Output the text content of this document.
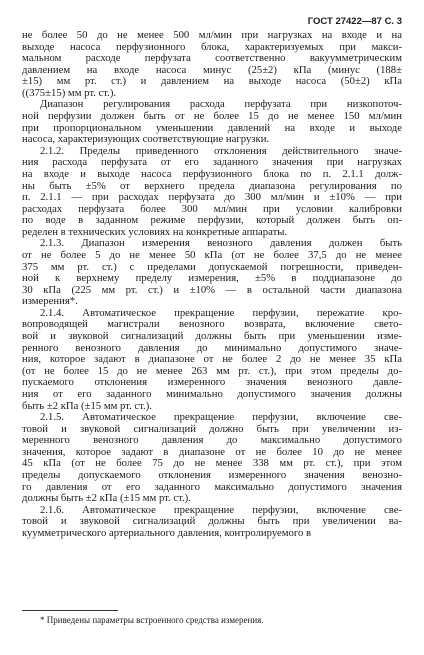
ГОСТ 27422—87 С. 3
не более 50 до не менее 500 мл/мин при нагрузках на входе и на
выходе насоса перфузионного блока, характеризуемых при макси-
мальном расходе перфузата соответственно вакуумметрическим
давлением на входе насоса минус (25±2) кПа (минус (188±
±15) мм рт. ст.) и давлением на выходе насоса (50±2) кПа
((375±15) мм рт. ст.).
Диапазон регулирования расхода перфузата при низкопоточ-
ной перфузии должен быть от не более 15 до не менее 150 мл/мин
при пропорциональном уменьшении давлений на входе и выходе
насоса, характеризующих соответствующие нагрузки.
2.1.2. Пределы приведенного отклонения действительного значе-
ния расхода перфузата от его заданного значения при нагрузках
на входе и выходе насоса перфузионного блока по п. 2.1.1 долж-
ны быть ±5% от верхнего предела диапазона регулирования по
п. 2.1.1 — при расходах перфузата до 300 мл/мин и ±10% — при
расходах перфузата более 300 мл/мин при условии калибровки
по воде в заданном режиме перфузии, который должен быть оп-
ределен в технических условиях на конкретные аппараты.
2.1.3. Диапазон измерения венозного давления должен быть
от не более 5 до не менее 50 кПа (от не более 37,5 до не менее
375 мм рт. ст.) с пределами допускаемой погрешности, приведен-
ной к верхнему пределу измерения, ±5% в поддиапазоне до
30 кПа (225 мм рт. ст.) и ±10% — в остальной части диапазона
измерения*.
2.1.4. Автоматическое прекращение перфузии, пережатие кро-
вопроводящей магистрали венозного возврата, включение свето-
вой и звуковой сигнализаций должны быть при уменьшении изме-
ренного венозного давления до минимально допустимого значе-
ния, которое задают в диапазоне от не более 2 до не менее 35 кПа
(от не более 15 до не менее 263 мм рт. ст.), при этом пределы до-
пускаемого отклонения измеренного значения венозного давле-
ния от его заданного минимально допустимого значения должны
быть ±2 кПа (±15 мм рт. ст.).
2.1.5. Автоматическое прекращение перфузии, включение све-
товой и звуковой сигнализаций должно быть при увеличении из-
меренного венозного давления до максимально допустимого
значения, которое задают в диапазоне от не более 10 до не менее
45 кПа (от не более 75 до не менее 338 мм рт. ст.), при этом
пределы допускаемого отклонения измеренного значения венозно-
го давления от его заданного максимально допустимого значения
должны быть ±2 кПа (±15 мм рт. ст.).
2.1.6. Автоматическое прекращение перфузии, включение све-
товой и звуковой сигнализаций должны быть при увеличении ва-
куумметрического артериального давления, контролируемого в
* Приведены параметры встроенного средства измерения.
